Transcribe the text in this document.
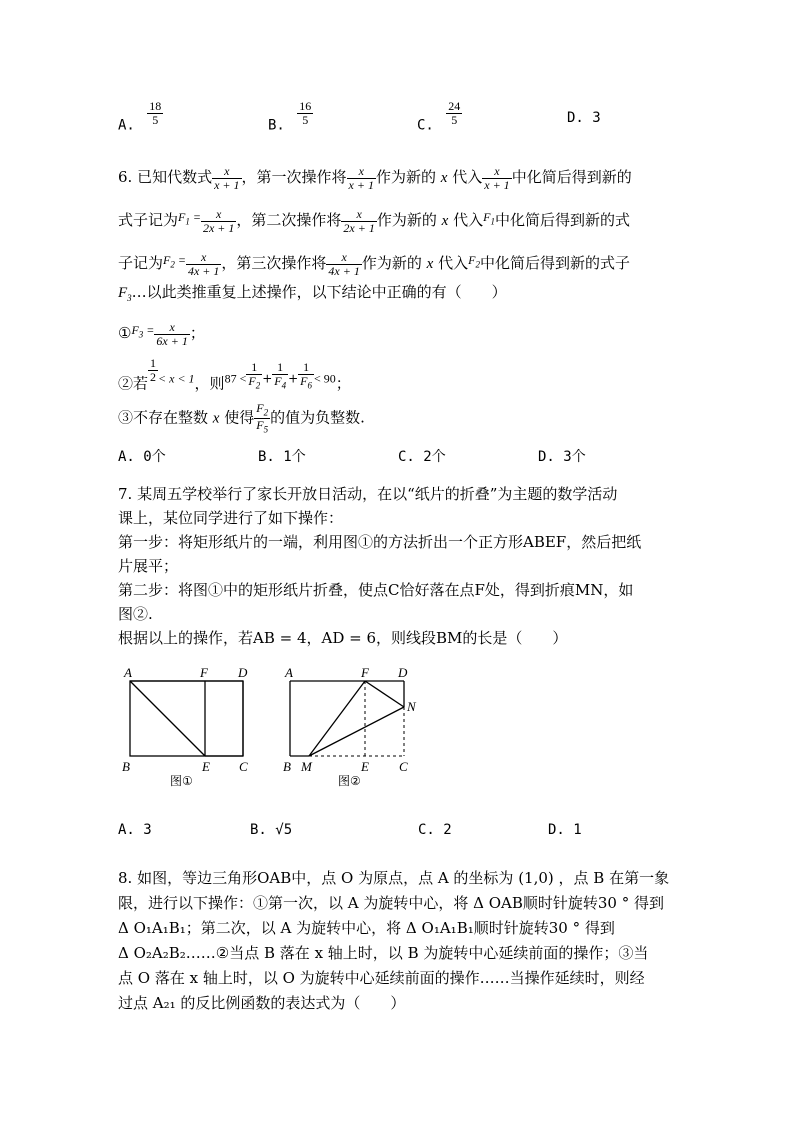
A. $\frac{18}{5}$	B. $\frac{16}{5}$	C. $\frac{24}{5}$	D. 3
6. 已知代数式 $\frac{x}{x + 1}$ ，第一次操作将 $\frac{x}{x + 1}$ 作为新的 x 代入 $\frac{x}{x + 1}$ 中化简后得到新的
式子记为$^{F_1 =} \frac{x}{2x + 1}$ ，第二次操作将 $\frac{x}{2x + 1}$ 作为新的 x 代入$^{F_1}$中化简后得到新的式
子记为$^{F_2 =} \frac{x}{4x + 1}$ ，第三次操作将 $\frac{x}{4x + 1}$ 作为新的 x 代入$^{F_2}$中化简后得到新的式子
$F_3\dots$以此类推重复上述操作，以下结论中正确的有（　　）
①$^{F_3 =}$ $\frac{x}{6x + 1}$ ；
②若
$\frac{1}{2} ^{< x < 1}$，则$^{87 <} \frac{1}{F_2} ^+ \frac{1}{F_4} ^+ \frac{1}{F_6} ^{< 90}$；
③不存在整数 x 使得 $\frac{F_2}{F_5}$ 的值为负整数.
A. 0个	B. 1个	C. 2个	D. 3个
7. 某周五学校举行了家长开放日活动，在以“纸片的折叠”为主题的数学活动
课上，某位同学进行了如下操作：
第一步：将矩形纸片的一端，利用图①的方法折出一个正方形ABEF，然后把纸
片展平；
第二步：将图①中的矩形纸片折叠，使点C恰好落在点F处，得到折痕MN，如
图②.
根据以上的操作，若AB = 4，AD = 6，则线段BM的长是（　　）
A	F D
B	E C
图①
A	F D
N
B M	E C
图②
A. 3	B. √5	C. 2	D. 1
8. 如图，等边三角形OAB中，点 O 为原点，点 A 的坐标为 (1,0) ，点 B 在第一象
限，进行以下操作：①第一次，以 A 为旋转中心，将 Δ OAB顺时针旋转30 ° 得到
Δ O₁A₁B₁；第二次，以 A 为旋转中心，将 Δ O₁A₁B₁顺时针旋转30 ° 得到
Δ O₂A₂B₂……②当点 B 落在 x 轴上时，以 B 为旋转中心延续前面的操作；③当
点 O 落在 x 轴上时，以 O 为旋转中心延续前面的操作……当操作延续时，则经
过点 A₂₁ 的反比例函数的表达式为（　　）
